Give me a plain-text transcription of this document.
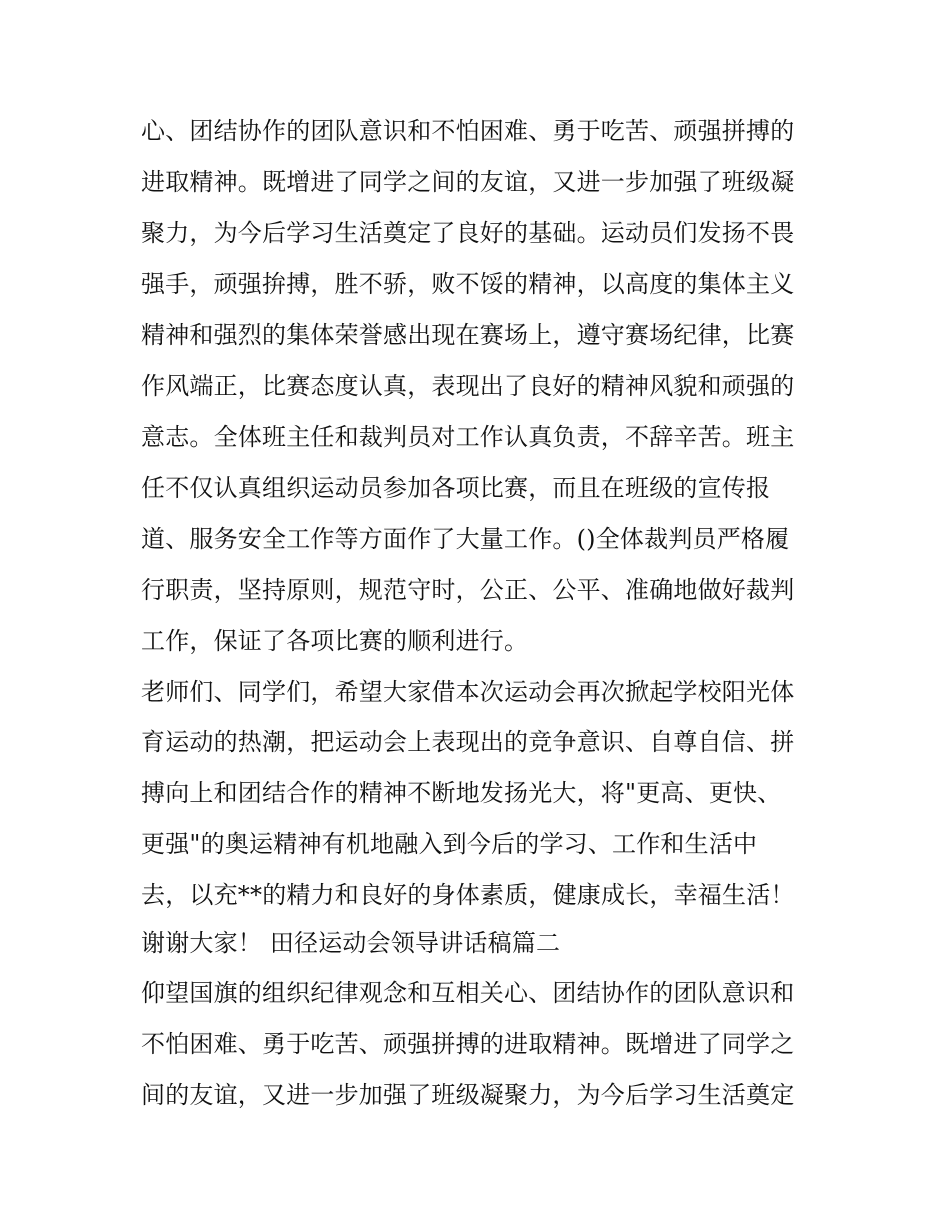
心、团结协作的团队意识和不怕困难、勇于吃苦、顽强拼搏的

进取精神。既增进了同学之间的友谊，又进一步加强了班级凝

聚力，为今后学习生活奠定了良好的基础。运动员们发扬不畏

强手，顽强拚搏，胜不骄，败不馁的精神，以高度的集体主义

精神和强烈的集体荣誉感出现在赛场上，遵守赛场纪律，比赛

作风端正，比赛态度认真，表现出了良好的精神风貌和顽强的

意志。全体班主任和裁判员对工作认真负责，不辞辛苦。班主

任不仅认真组织运动员参加各项比赛，而且在班级的宣传报

道、服务安全工作等方面作了大量工作。()全体裁判员严格履

行职责，坚持原则，规范守时，公正、公平、准确地做好裁判

工作，保证了各项比赛的顺利进行。

老师们、同学们，希望大家借本次运动会再次掀起学校阳光体

育运动的热潮，把运动会上表现出的竞争意识、自尊自信、拼

搏向上和团结合作的精神不断地发扬光大，将"更高、更快、

更强"的奥运精神有机地融入到今后的学习、工作和生活中

去，以充**的精力和良好的身体素质，健康成长，幸福生活！

谢谢大家！ 田径运动会领导讲话稿篇二

仰望国旗的组织纪律观念和互相关心、团结协作的团队意识和

不怕困难、勇于吃苦、顽强拼搏的进取精神。既增进了同学之

间的友谊，又进一步加强了班级凝聚力，为今后学习生活奠定
